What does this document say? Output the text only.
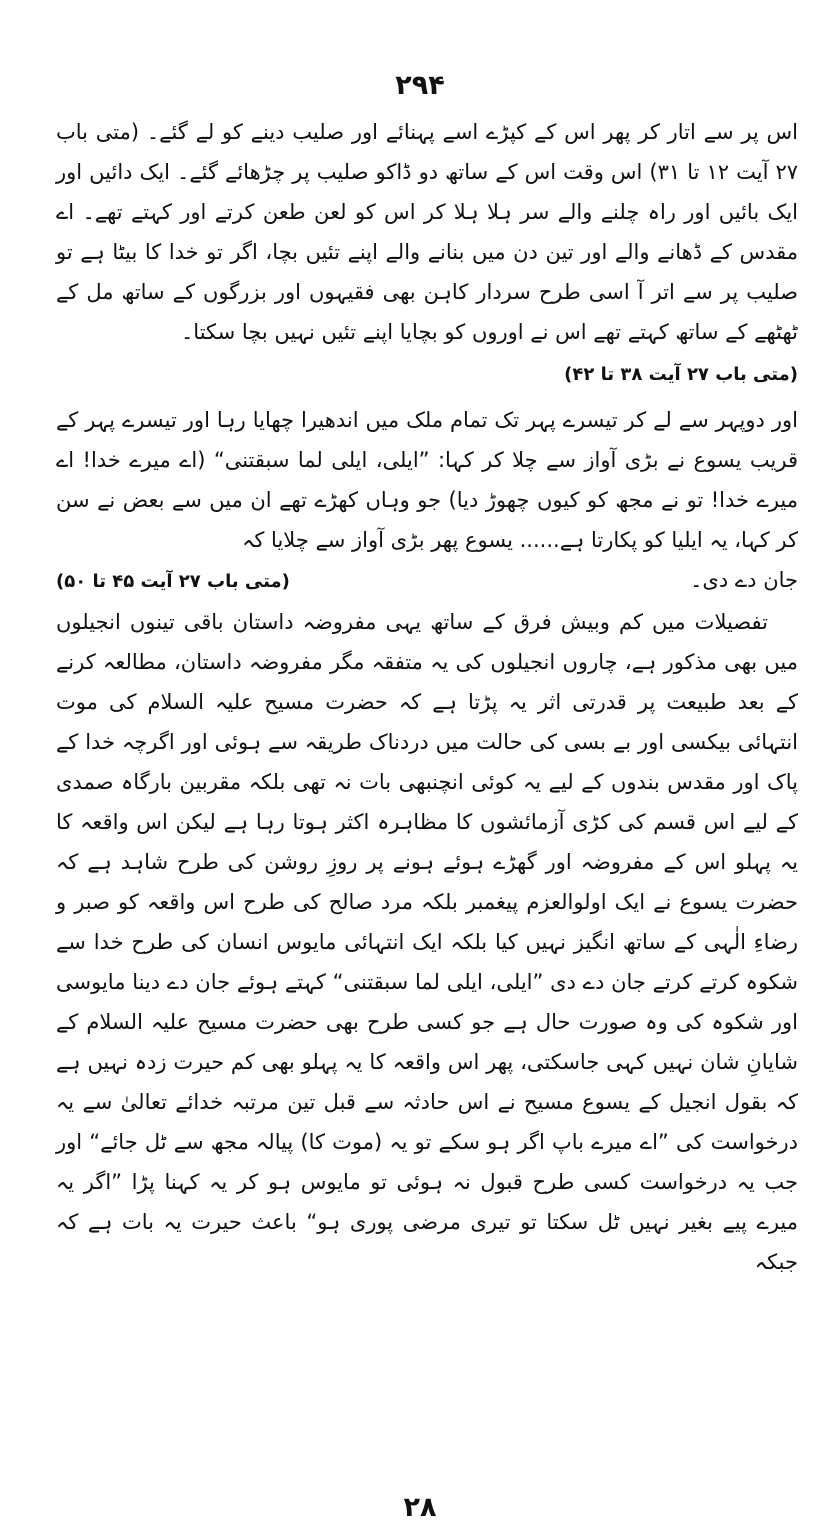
۲۹۴

اس پر سے اتار کر پھر اس کے کپڑے اسے پہنائے اور صلیب دینے کو لے گئے۔ (متی باب ۲۷ آیت ۱۲ تا ۳۱) اس وقت اس کے ساتھ دو ڈاکو صلیب پر چڑھائے گئے۔ ایک دائیں اور ایک بائیں اور راہ چلنے والے سر ہلا ہلا کر اس کو لعن طعن کرتے اور کہتے تھے۔ اے مقدس کے ڈھانے والے اور تین دن میں بنانے والے اپنے تئیں بچا، اگر تو خدا کا بیٹا ہے تو صلیب پر سے اتر آ اسی طرح سردار کاہن بھی فقیہوں اور بزرگوں کے ساتھ مل کے ٹھٹھے کے ساتھ کہتے تھے اس نے اوروں کو بچایا اپنے تئیں نہیں بچا سکتا۔

(متی باب ۲۷ آیت ۳۸ تا ۴۲)

اور دوپہر سے لے کر تیسرے پہر تک تمام ملک میں اندھیرا چھایا رہا اور تیسرے پہر کے قریب یسوع نے بڑی آواز سے چلا کر کہا: ”ایلی، ایلی لما سبقتنی“ (اے میرے خدا! اے میرے خدا! تو نے مجھ کو کیوں چھوڑ دیا) جو وہاں کھڑے تھے ان میں سے بعض نے سن کر کہا، یہ ایلیا کو پکارتا ہے...... یسوع پھر بڑی آواز سے چلایا کہ

جان دے دی۔
(متی باب ۲۷ آیت ۴۵ تا ۵۰)

تفصیلات میں کم وبیش فرق کے ساتھ یہی مفروضہ داستان باقی تینوں انجیلوں میں بھی مذکور ہے، چاروں انجیلوں کی یہ متفقہ مگر مفروضہ داستان، مطالعہ کرنے کے بعد طبیعت پر قدرتی اثر یہ پڑتا ہے کہ حضرت مسیح علیہ السلام کی موت انتہائی بیکسی اور بے بسی کی حالت میں دردناک طریقہ سے ہوئی اور اگرچہ خدا کے پاک اور مقدس بندوں کے لیے یہ کوئی انچنبھی بات نہ تھی بلکہ مقربین بارگاہ صمدی کے لیے اس قسم کی کڑی آزمائشوں کا مظاہرہ اکثر ہوتا رہا ہے لیکن اس واقعہ کا یہ پہلو اس کے مفروضہ اور گھڑے ہوئے ہونے پر روزِ روشن کی طرح شاہد ہے کہ حضرت یسوع نے ایک اولوالعزم پیغمبر بلکہ مرد صالح کی طرح اس واقعہ کو صبر و رضاءِ الٰہی کے ساتھ انگیز نہیں کیا بلکہ ایک انتہائی مایوس انسان کی طرح خدا سے شکوہ کرتے کرتے جان دے دی ”ایلی، ایلی لما سبقتنی“ کہتے ہوئے جان دے دینا مایوسی اور شکوہ کی وہ صورت حال ہے جو کسی طرح بھی حضرت مسیح علیہ السلام کے شایانِ شان نہیں کہی جاسکتی، پھر اس واقعہ کا یہ پہلو بھی کم حیرت زدہ نہیں ہے کہ بقول انجیل کے یسوع مسیح نے اس حادثہ سے قبل تین مرتبہ خدائے تعالیٰ سے یہ درخواست کی ”اے میرے باپ اگر ہو سکے تو یہ (موت کا) پیالہ مجھ سے ٹل جائے“ اور جب یہ درخواست کسی طرح قبول نہ ہوئی تو مایوس ہو کر یہ کہنا پڑا ”اگر یہ میرے پیے بغیر نہیں ٹل سکتا تو تیری مرضی پوری ہو“ باعث حیرت یہ بات ہے کہ جبکہ

۲۸
